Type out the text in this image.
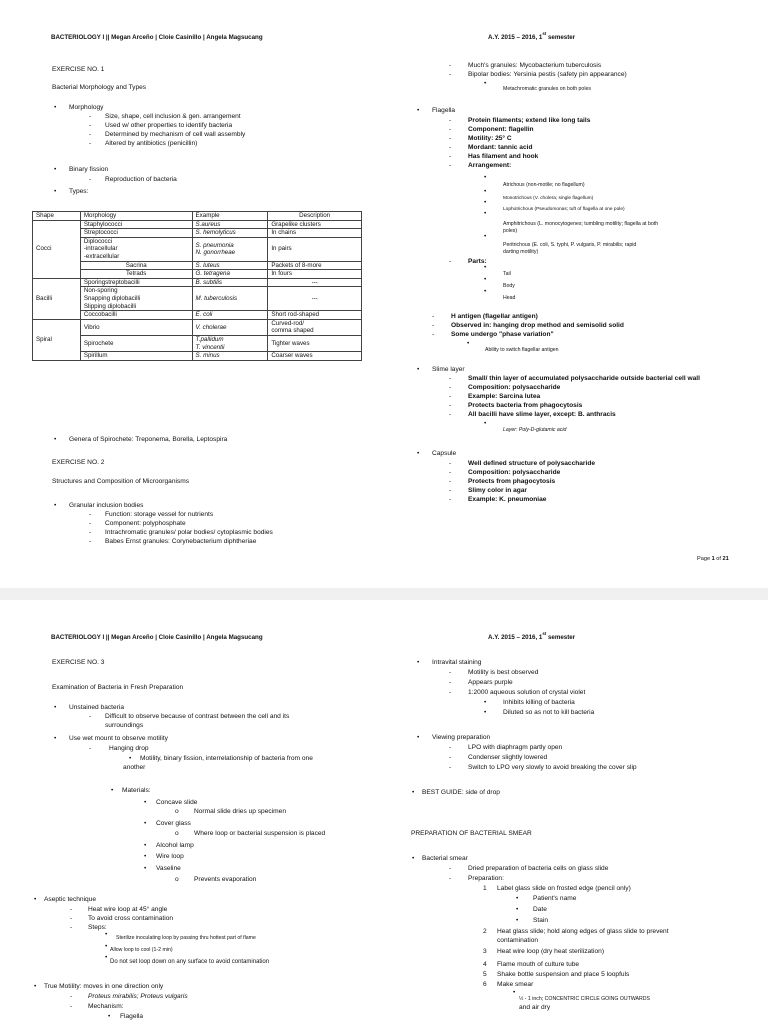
BACTERIOLOGY I || Megan Arceño | Cloie Casinillo | Angela Magsucang	A.Y. 2015 – 2016, 1st semester
EXERCISE NO. 1
Bacterial Morphology and Types
• Morphology
- Size, shape, cell inclusion & gen. arrangement
- Used w/ other properties to identify bacteria
- Determined by mechanism of cell wall assembly
- Altered by antibiotics (penicillin)
• Binary fission
- Reproduction of bacteria
• Types:
Shape	Morphology	Example	Description
Cocci	Staphylococci	S.aureus	Grapelike clusters
	Streptococci	S. hemolyticus	In chains
	Diplococci
-intracellular
-extracellular	S. pneumonia
N. gonorrheae	In pairs
	Sacrina	S. luteus	Packets of 8-more
	Tetrads	G. tetragena	In fours
Bacilli	Sporingstreptobacilli	B. subtilis	---
	Non-sporing
Snapping diplobacilli
Slipping diplobacilli	M. tuberculosis	---
	Coccobacilli	E. coli	Short rod-shaped
Spiral	Vibrio	V. cholerae	Curved-rod/
comma shaped
	Spirochete	T.pallidum
T. vincentii	Tighter waves
	Spirillum	S. minus	Coarser waves
• Genera of Spirochete: Treponema, Borella, Leptospira
EXERCISE NO. 2
Structures and Composition of Microorganisms
• Granular inclusion bodies
- Function: storage vessel for nutrients
- Component: polyphosphate
- Intrachromatic granules/ polar bodies/ cytoplasmic bodies
- Babes Ernst granules: Corynebacterium diphtheriae
-	Much's granules: Mycobacterium tuberculosis
-	Bipolar bodies: Yersinia pestis (safety pin appearance)
•
Metachromatic granules on both poles
• Flagella
-	Protein filaments; extend like long tails
-	Component: flagellin
-	Motility: 25° C
-	Mordant: tannic acid
-	Has filament and hook
-	Arrangement:
•
Atrichous (non-motile; no flagellum)
•
Monotrichous (V. cholera; single flagellum)
•
Lophotrichous (Pseudomonas; tuft of flagella at one pole)
•
Amphitrichous (L. monocytogenes; tumbling motility; flagella at both
poles)
•
Peritrichous (E. coli, S. typhi, P. vulgaris, P. mirabilis; rapid
darting motility)
-	Parts:
•
Tail
•
Body
•
Head
-	H antigen (flagellar antigen)
-	Observed in: hanging drop method and semisolid solid
-	Some undergo "phase variation"
•
Ability to switch flagellar antigen
• Slime layer
-	Small/ thin layer of accumulated polysaccharide outside bacterial cell wall
-	Composition: polysaccharide
-	Example: Sarcina lutea
-	Protects bacteria from phagocytosis
-	All bacilli have slime layer, except: B. anthracis
•
Layer: Poly-D-glutamic acid
• Capsule
-	Well defined structure of polysaccharide
-	Composition: polysaccharide
-	Protects from phagocytosis
-	Slimy color in agar
-	Example: K. pneumoniae
Page 1 of 21
BACTERIOLOGY I || Megan Arceño | Cloie Casinillo | Angela Magsucang	A.Y. 2015 – 2016, 1st semester
EXERCISE NO. 3
Examination of Bacteria in Fresh Preparation
• Unstained bacteria
- Difficult to observe because of contrast between the cell and its
surroundings
• Use wet mount to observe motility
-	Hanging drop
• Motility, binary fission, interrelationship of bacteria from one
another
• Materials:
• Concave slide
o Normal slide dries up specimen
• Cover glass
o Where loop or bacterial suspension is placed
• Alcohol lamp
• Wire loop
• Vaseline
o Prevents evaporation
• Aseptic technique
- Heat wire loop at 45° angle
- To avoid cross contamination
- Steps:
• Sterilize inoculating loop by passing thru hottest part of flame
• Allow loop to cool (1-2 min)
•
Do not set loop down on any surface to avoid contamination
• True Motility: moves in one direction only
- Proteus mirabilis; Proteus vulgaris
- Mechanism:
• Flagella
• Intravital staining
-	Motility is best observed
-	Appears purple
-	1:2000 aqueous solution of crystal violet
•	Inhibits killing of bacteria
•	Diluted so as not to kill bacteria
• Viewing preparation
-	LPO with diaphragm partly open
-	Condenser slightly lowered
-	Switch to LPO very slowly to avoid breaking the cover slip
• BEST GUIDE: side of drop
PREPARATION OF BACTERIAL SMEAR
• Bacterial smear
-	Dried preparation of bacteria cells on glass slide
-	Preparation:
1 Label glass slide on frosted edge (pencil only)
• Patient's name
• Date
• Stain
2 Heat glass slide; hold along edges of glass slide to prevent
contamination
3 Heat wire loop (dry heat sterilization)
4 Flame mouth of culture tube
5 Shake bottle suspension and place 5 loopfuls
6 Make smear
•
½ - 1 inch; CONCENTRIC CIRCLE GOING OUTWARDS
and air dry
